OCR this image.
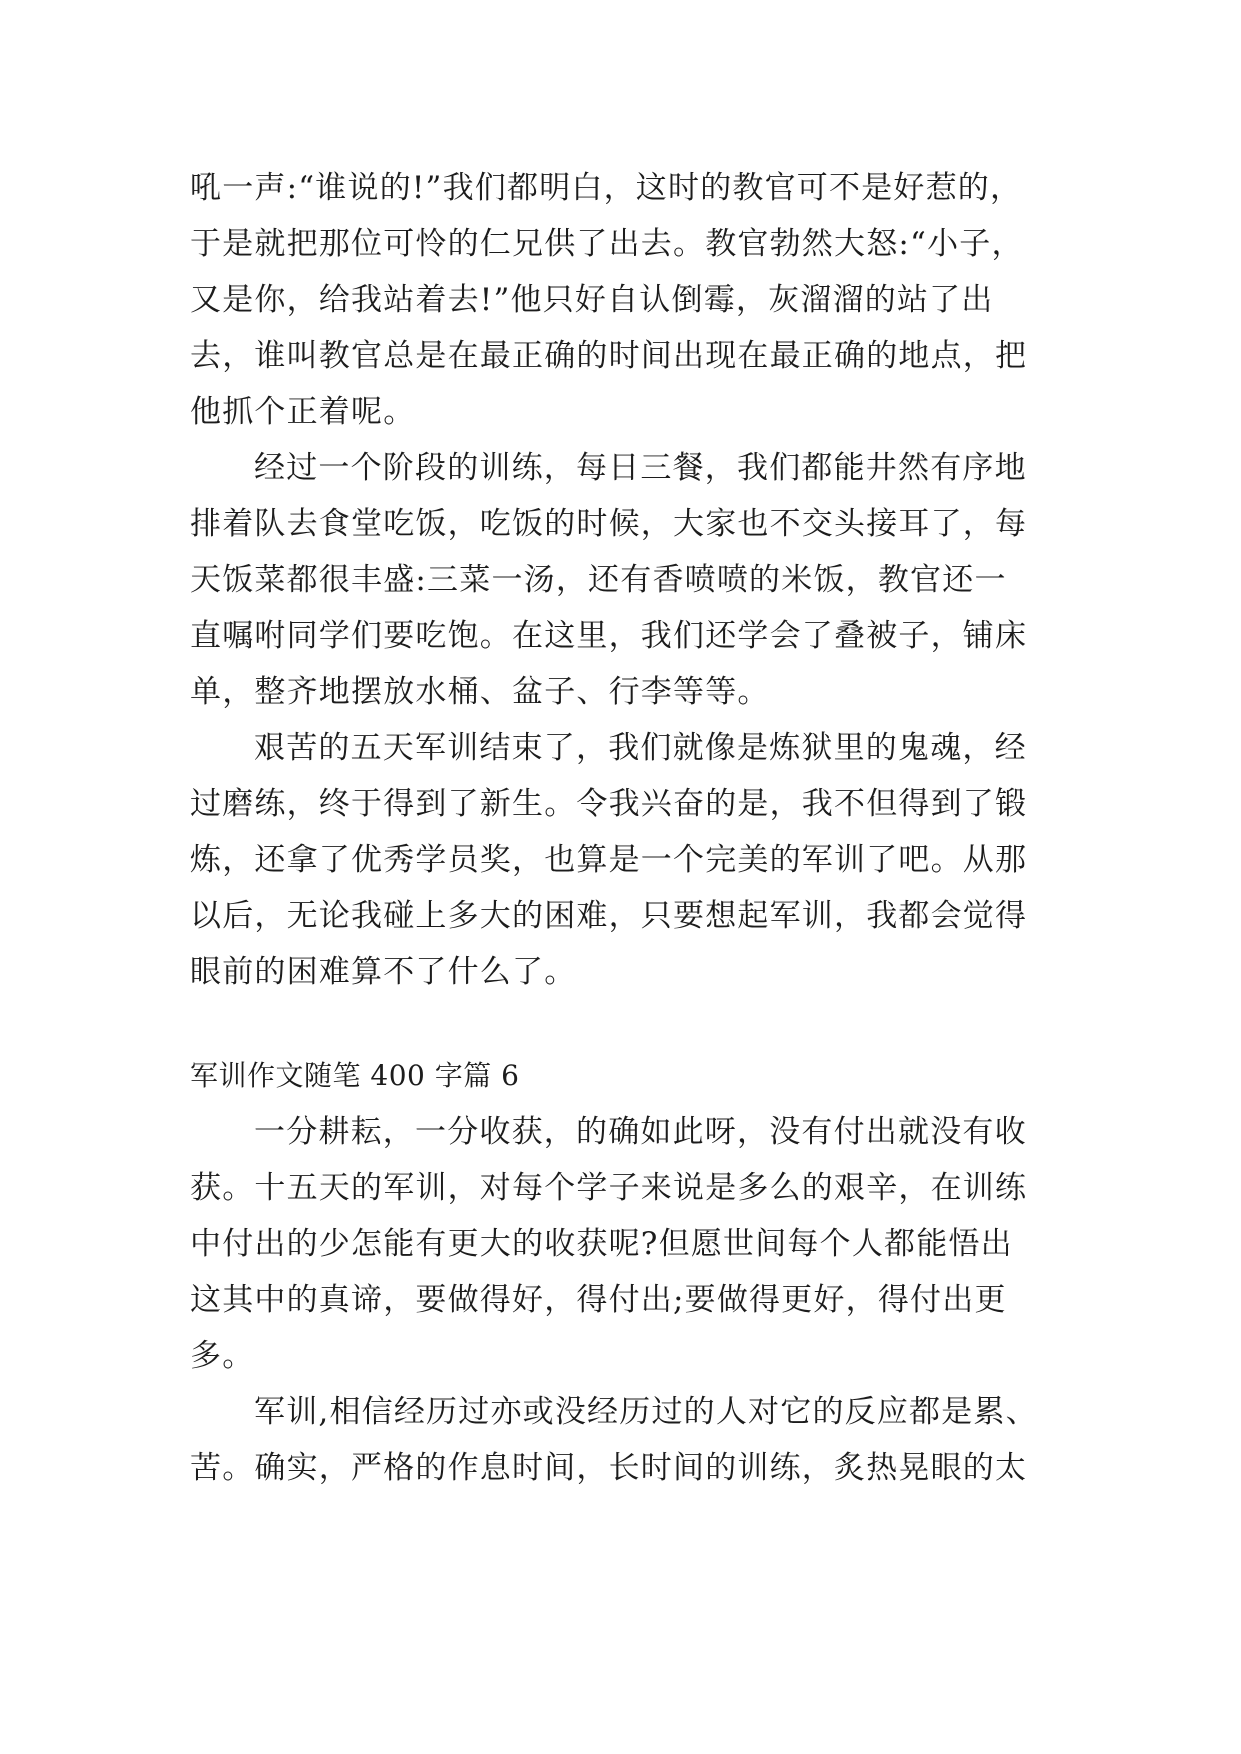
吼一声:“谁说的!”我们都明白，这时的教官可不是好惹的，
于是就把那位可怜的仁兄供了出去。教官勃然大怒:“小子，
又是你，给我站着去!”他只好自认倒霉，灰溜溜的站了出
去，谁叫教官总是在最正确的时间出现在最正确的地点，把
他抓个正着呢。
经过一个阶段的训练，每日三餐，我们都能井然有序地
排着队去食堂吃饭，吃饭的时候，大家也不交头接耳了，每
天饭菜都很丰盛:三菜一汤，还有香喷喷的米饭，教官还一
直嘱咐同学们要吃饱。在这里，我们还学会了叠被子，铺床
单，整齐地摆放水桶、盆子、行李等等。
艰苦的五天军训结束了，我们就像是炼狱里的鬼魂，经
过磨练，终于得到了新生。令我兴奋的是，我不但得到了锻
炼，还拿了优秀学员奖，也算是一个完美的军训了吧。从那
以后，无论我碰上多大的困难，只要想起军训，我都会觉得
眼前的困难算不了什么了。
军训作文随笔 400 字篇 6
一分耕耘，一分收获，的确如此呀，没有付出就没有收
获。十五天的军训，对每个学子来说是多么的艰辛，在训练
中付出的少怎能有更大的收获呢?但愿世间每个人都能悟出
这其中的真谛，要做得好，得付出;要做得更好，得付出更
多。
军训,相信经历过亦或没经历过的人对它的反应都是累、
苦。确实，严格的作息时间，长时间的训练，炙热晃眼的太
